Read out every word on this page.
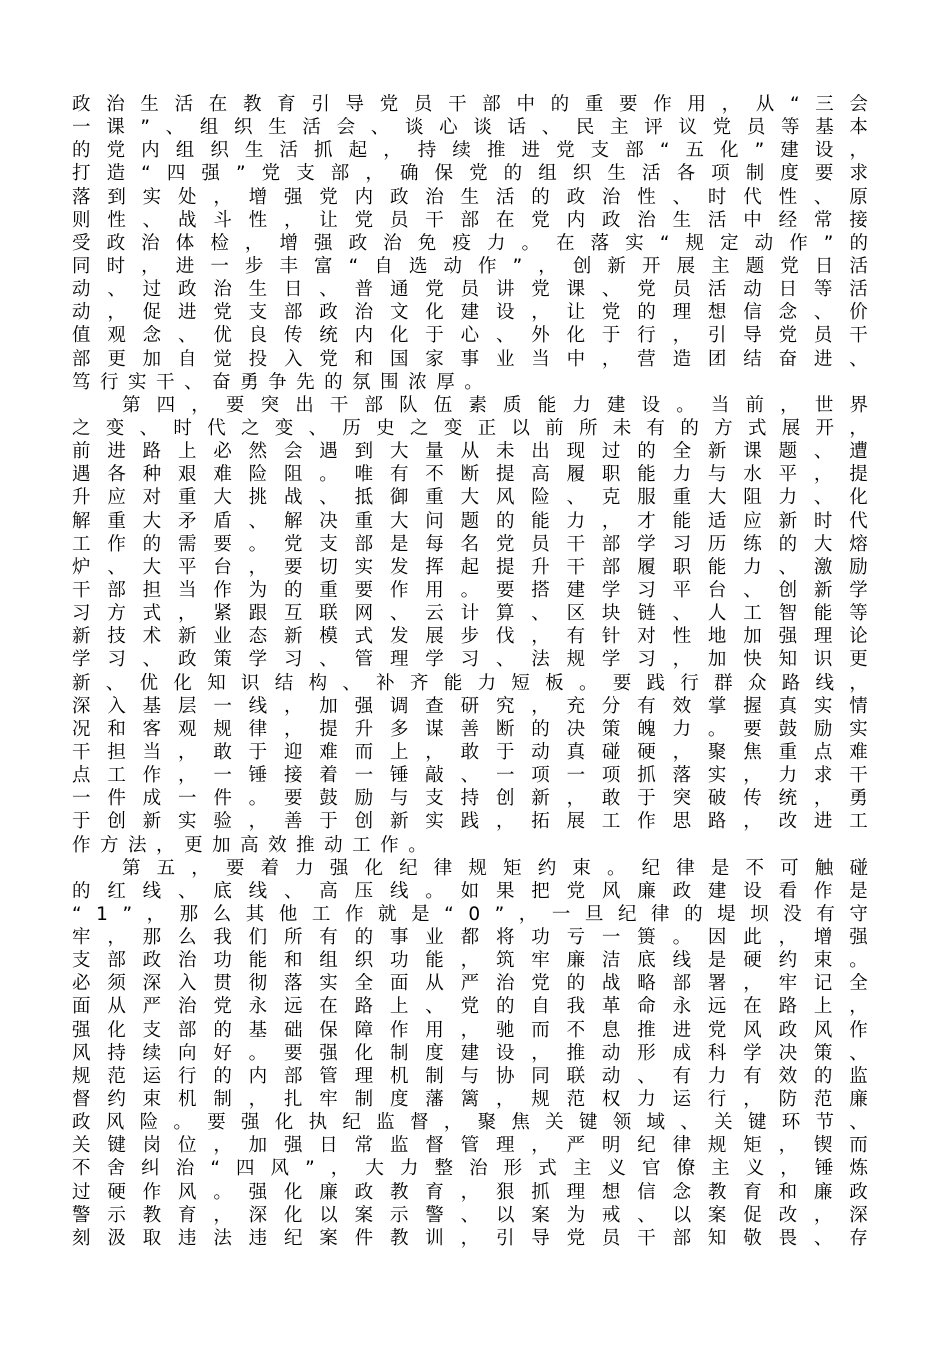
政 治 生 活 在 教 育 引 导 党 员 干 部 中 的 重 要 作 用 ， 从 “ 三 会
一 课 ” 、 组 织 生 活 会 、 谈 心 谈 话 、 民 主 评 议 党 员 等 基 本
的 党 内 组 织 生 活 抓 起 ， 持 续 推 进 党 支 部 “ 五 化 ” 建 设 ，
打 造 “ 四 强 ” 党 支 部 ， 确 保 党 的 组 织 生 活 各 项 制 度 要 求
落 到 实 处 ， 增 强 党 内 政 治 生 活 的 政 治 性 、 时 代 性 、 原
则 性 、 战 斗 性 ， 让 党 员 干 部 在 党 内 政 治 生 活 中 经 常 接
受 政 治 体 检 ， 增 强 政 治 免 疫 力 。 在 落 实 “ 规 定 动 作 ” 的
同 时 ， 进 一 步 丰 富 “ 自 选 动 作 ” ， 创 新 开 展 主 题 党 日 活
动 、 过 政 治 生 日 、 普 通 党 员 讲 党 课 、 党 员 活 动 日 等 活
动 ， 促 进 党 支 部 政 治 文 化 建 设 ， 让 党 的 理 想 信 念 、 价
值 观 念 、 优 良 传 统 内 化 于 心 、 外 化 于 行 ， 引 导 党 员 干
部 更 加 自 觉 投 入 党 和 国 家 事 业 当 中 ， 营 造 团 结 奋 进 、
笃 行 实 干 、 奋 勇 争 先 的 氛 围 浓 厚 。
第 四 ， 要 突 出 干 部 队 伍 素 质 能 力 建 设 。 当 前 ， 世 界
之 变 、 时 代 之 变 、 历 史 之 变 正 以 前 所 未 有 的 方 式 展 开 ，
前 进 路 上 必 然 会 遇 到 大 量 从 未 出 现 过 的 全 新 课 题 、 遭
遇 各 种 艰 难 险 阻 。 唯 有 不 断 提 高 履 职 能 力 与 水 平 ， 提
升 应 对 重 大 挑 战 、 抵 御 重 大 风 险 、 克 服 重 大 阻 力 、 化
解 重 大 矛 盾 、 解 决 重 大 问 题 的 能 力 ， 才 能 适 应 新 时 代
工 作 的 需 要 。 党 支 部 是 每 名 党 员 干 部 学 习 历 练 的 大 熔
炉 、 大 平 台 ， 要 切 实 发 挥 起 提 升 干 部 履 职 能 力 、 激 励
干 部 担 当 作 为 的 重 要 作 用 。 要 搭 建 学 习 平 台 、 创 新 学
习 方 式 ， 紧 跟 互 联 网 、 云 计 算 、 区 块 链 、 人 工 智 能 等
新 技 术 新 业 态 新 模 式 发 展 步 伐 ， 有 针 对 性 地 加 强 理 论
学 习 、 政 策 学 习 、 管 理 学 习 、 法 规 学 习 ， 加 快 知 识 更
新 、 优 化 知 识 结 构 、 补 齐 能 力 短 板 。 要 践 行 群 众 路 线 ，
深 入 基 层 一 线 ， 加 强 调 查 研 究 ， 充 分 有 效 掌 握 真 实 情
况 和 客 观 规 律 ， 提 升 多 谋 善 断 的 决 策 魄 力 。 要 鼓 励 实
干 担 当 ， 敢 于 迎 难 而 上 ， 敢 于 动 真 碰 硬 ， 聚 焦 重 点 难
点 工 作 ， 一 锤 接 着 一 锤 敲 、 一 项 一 项 抓 落 实 ， 力 求 干
一 件 成 一 件 。 要 鼓 励 与 支 持 创 新 ， 敢 于 突 破 传 统 ， 勇
于 创 新 实 验 ， 善 于 创 新 实 践 ， 拓 展 工 作 思 路 ， 改 进 工
作 方 法 ， 更 加 高 效 推 动 工 作 。
第 五 ， 要 着 力 强 化 纪 律 规 矩 约 束 。 纪 律 是 不 可 触 碰
的 红 线 、 底 线 、 高 压 线 。 如 果 把 党 风 廉 政 建 设 看 作 是
“ 1 ” ， 那 么 其 他 工 作 就 是 “ 0 ” ， 一 旦 纪 律 的 堤 坝 没 有 守
牢 ， 那 么 我 们 所 有 的 事 业 都 将 功 亏 一 篑 。 因 此 ， 增 强
支 部 政 治 功 能 和 组 织 功 能 ， 筑 牢 廉 洁 底 线 是 硬 约 束 。
必 须 深 入 贯 彻 落 实 全 面 从 严 治 党 的 战 略 部 署 ， 牢 记 全
面 从 严 治 党 永 远 在 路 上 、 党 的 自 我 革 命 永 远 在 路 上 ，
强 化 支 部 的 基 础 保 障 作 用 ， 驰 而 不 息 推 进 党 风 政 风 作
风 持 续 向 好 。 要 强 化 制 度 建 设 ， 推 动 形 成 科 学 决 策 、
规 范 运 行 的 内 部 管 理 机 制 与 协 同 联 动 、 有 力 有 效 的 监
督 约 束 机 制 ， 扎 牢 制 度 藩 篱 ， 规 范 权 力 运 行 ， 防 范 廉
政 风 险 。 要 强 化 执 纪 监 督 ， 聚 焦 关 键 领 域 、 关 键 环 节 、
关 键 岗 位 ， 加 强 日 常 监 督 管 理 ， 严 明 纪 律 规 矩 ， 锲 而
不 舍 纠 治 “ 四 风 ” ， 大 力 整 治 形 式 主 义 官 僚 主 义 ， 锤 炼
过 硬 作 风 。 强 化 廉 政 教 育 ， 狠 抓 理 想 信 念 教 育 和 廉 政
警 示 教 育 ， 深 化 以 案 示 警 、 以 案 为 戒 、 以 案 促 改 ， 深
刻 汲 取 违 法 违 纪 案 件 教 训 ， 引 导 党 员 干 部 知 敬 畏 、 存
